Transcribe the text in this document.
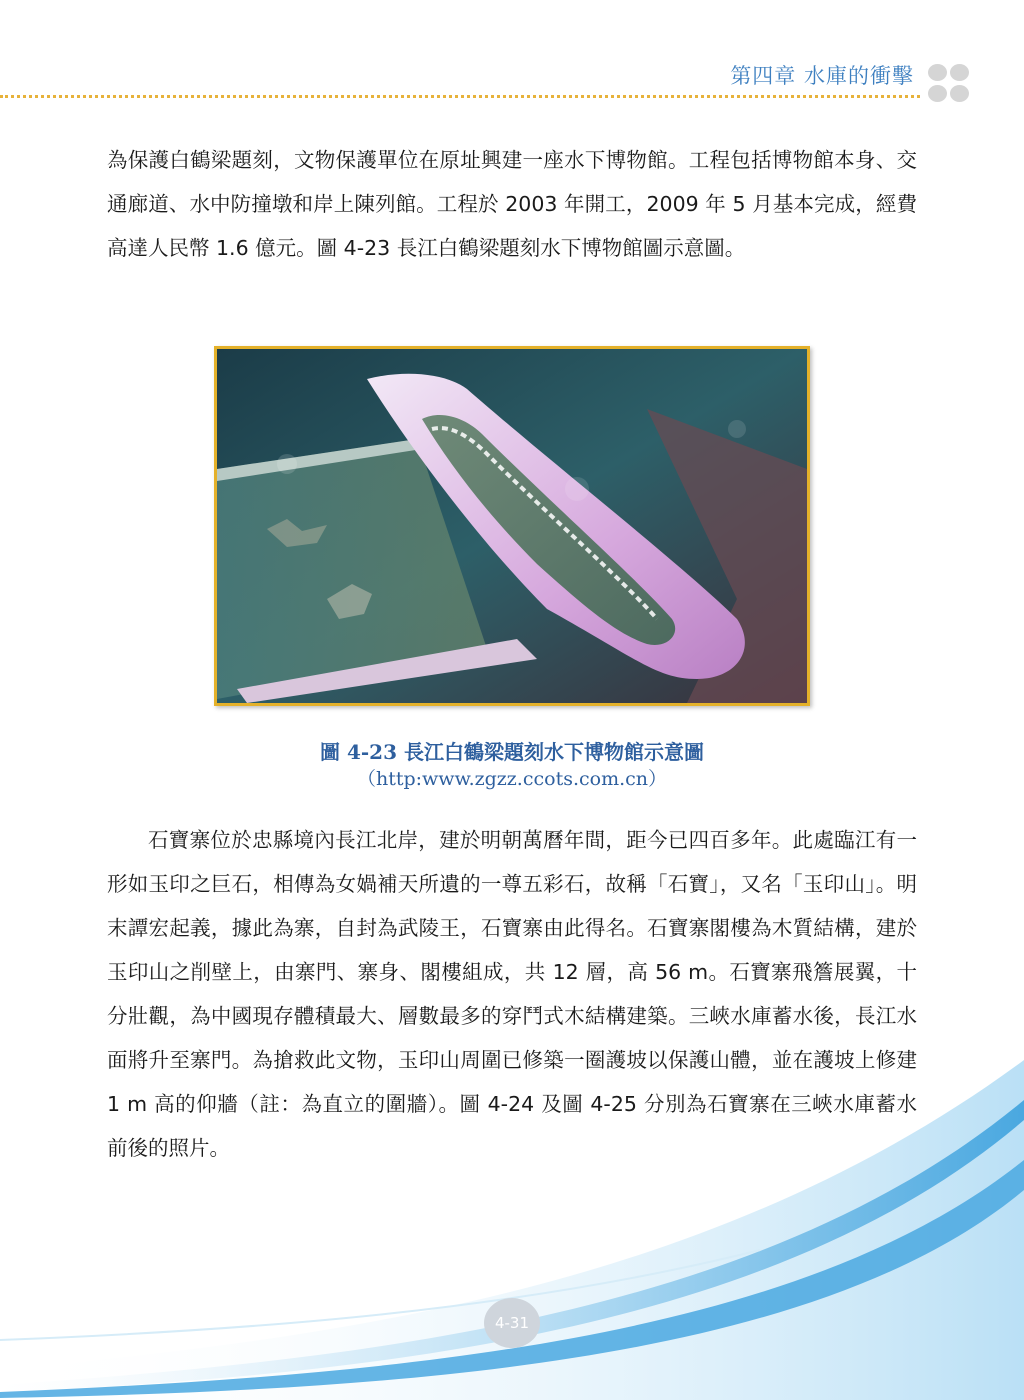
第四章 水庫的衝擊

為保護白鶴梁題刻，文物保護單位在原址興建一座水下博物館。工程包括博物館本身、交通廊道、水中防撞墩和岸上陳列館。工程於 2003 年開工，2009 年 5 月基本完成，經費高達人民幣 1.6 億元。圖 4-23 長江白鶴梁題刻水下博物館圖示意圖。

圖 4-23 長江白鶴梁題刻水下博物館示意圖
（http:www.zgzz.ccots.com.cn）

石寶寨位於忠縣境內長江北岸，建於明朝萬曆年間，距今已四百多年。此處臨江有一形如玉印之巨石，相傳為女媧補天所遺的一尊五彩石，故稱「石寶」，又名「玉印山」。明末譚宏起義，據此為寨，自封為武陵王，石寶寨由此得名。石寶寨閣樓為木質結構，建於玉印山之削壁上，由寨門、寨身、閣樓組成，共 12 層，高 56 m。石寶寨飛簷展翼，十分壯觀，為中國現存體積最大、層數最多的穿鬥式木結構建築。三峽水庫蓄水後，長江水面將升至寨門。為搶救此文物，玉印山周圍已修築一圈護坡以保護山體，並在護坡上修建 1 m 高的仰牆（註：為直立的圍牆）。圖 4-24 及圖 4-25 分別為石寶寨在三峽水庫蓄水前後的照片。

4-31
